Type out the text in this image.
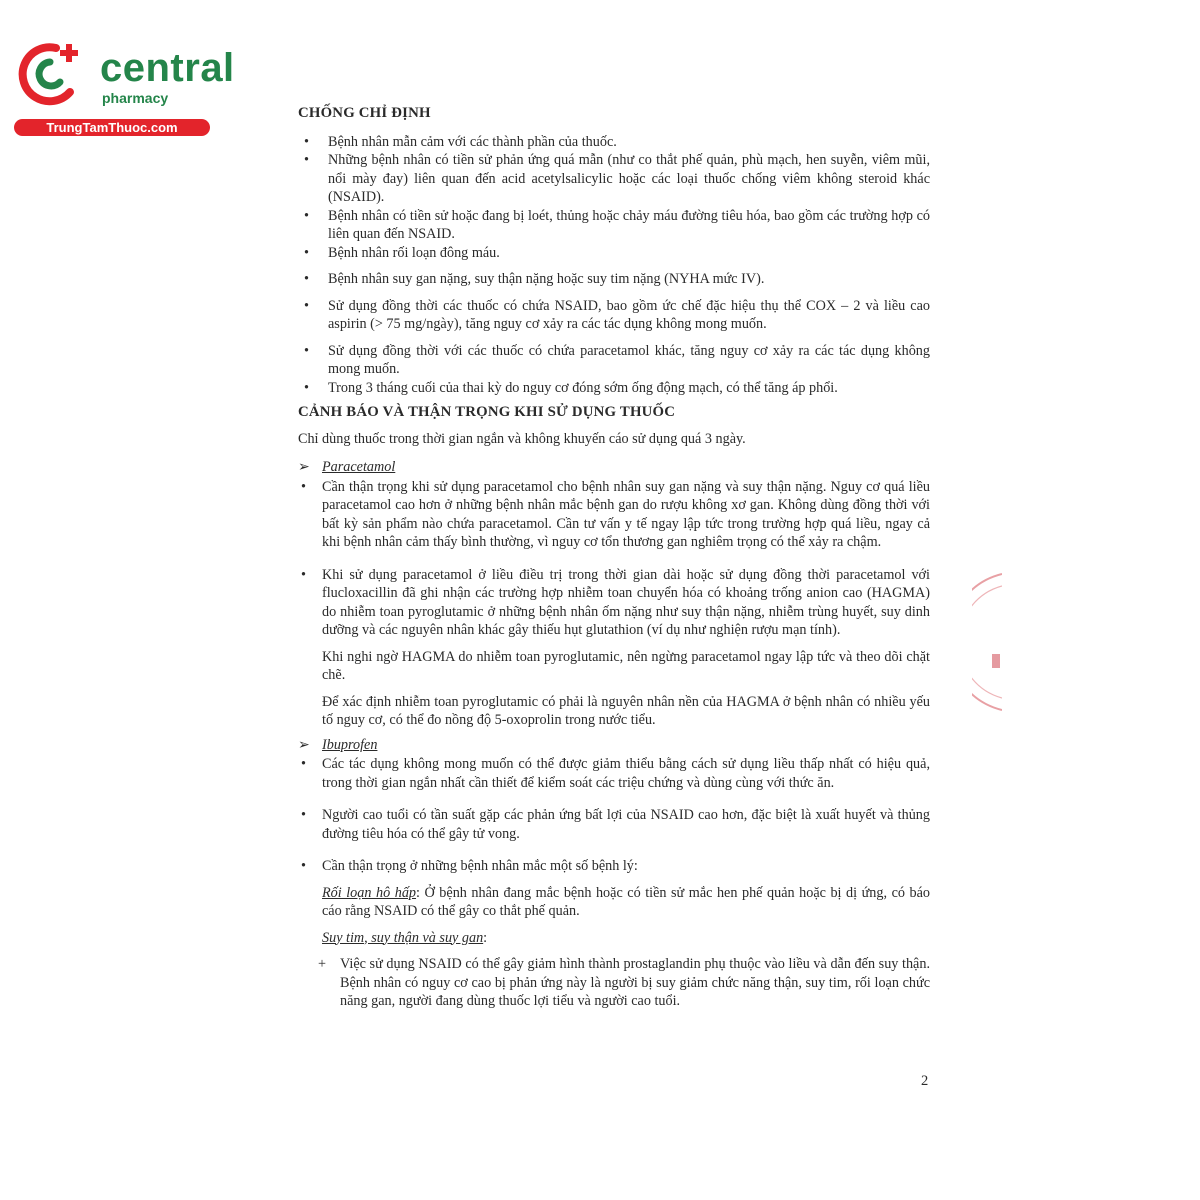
central
pharmacy
TrungTamThuoc.com
CHỐNG CHỈ ĐỊNH
• Bệnh nhân mẫn cảm với các thành phần của thuốc.
• Những bệnh nhân có tiền sử phản ứng quá mẫn (như co thắt phế quản, phù mạch, hen suyễn, viêm mũi, nổi mày đay) liên quan đến acid acetylsalicylic hoặc các loại thuốc chống viêm không steroid khác (NSAID).
• Bệnh nhân có tiền sử hoặc đang bị loét, thủng hoặc chảy máu đường tiêu hóa, bao gồm các trường hợp có liên quan đến NSAID.
• Bệnh nhân rối loạn đông máu.
• Bệnh nhân suy gan nặng, suy thận nặng hoặc suy tim nặng (NYHA mức IV).
• Sử dụng đồng thời các thuốc có chứa NSAID, bao gồm ức chế đặc hiệu thụ thể COX – 2 và liều cao aspirin (> 75 mg/ngày), tăng nguy cơ xảy ra các tác dụng không mong muốn.
• Sử dụng đồng thời với các thuốc có chứa paracetamol khác, tăng nguy cơ xảy ra các tác dụng không mong muốn.
• Trong 3 tháng cuối của thai kỳ do nguy cơ đóng sớm ống động mạch, có thể tăng áp phổi.
CẢNH BÁO VÀ THẬN TRỌNG KHI SỬ DỤNG THUỐC

Chỉ dùng thuốc trong thời gian ngắn và không khuyến cáo sử dụng quá 3 ngày.

➢ Paracetamol
• Cần thận trọng khi sử dụng paracetamol cho bệnh nhân suy gan nặng và suy thận nặng. Nguy cơ quá liều paracetamol cao hơn ở những bệnh nhân mắc bệnh gan do rượu không xơ gan. Không dùng đồng thời với bất kỳ sản phẩm nào chứa paracetamol. Cần tư vấn y tế ngay lập tức trong trường hợp quá liều, ngay cả khi bệnh nhân cảm thấy bình thường, vì nguy cơ tổn thương gan nghiêm trọng có thể xảy ra chậm.
• Khi sử dụng paracetamol ở liều điều trị trong thời gian dài hoặc sử dụng đồng thời paracetamol với flucloxacillin đã ghi nhận các trường hợp nhiễm toan chuyển hóa có khoảng trống anion cao (HAGMA) do nhiễm toan pyroglutamic ở những bệnh nhân ốm nặng như suy thận nặng, nhiễm trùng huyết, suy dinh dưỡng và các nguyên nhân khác gây thiếu hụt glutathion (ví dụ như nghiện rượu mạn tính).

Khi nghi ngờ HAGMA do nhiễm toan pyroglutamic, nên ngừng paracetamol ngay lập tức và theo dõi chặt chẽ.

Để xác định nhiễm toan pyroglutamic có phải là nguyên nhân nền của HAGMA ở bệnh nhân có nhiều yếu tố nguy cơ, có thể đo nồng độ 5-oxoprolin trong nước tiểu.

➢ Ibuprofen
• Các tác dụng không mong muốn có thể được giảm thiểu bằng cách sử dụng liều thấp nhất có hiệu quả, trong thời gian ngắn nhất cần thiết để kiểm soát các triệu chứng và dùng cùng với thức ăn.
• Người cao tuổi có tần suất gặp các phản ứng bất lợi của NSAID cao hơn, đặc biệt là xuất huyết và thủng đường tiêu hóa có thể gây tử vong.
• Cần thận trọng ở những bệnh nhân mắc một số bệnh lý:

Rối loạn hô hấp: Ở bệnh nhân đang mắc bệnh hoặc có tiền sử mắc hen phế quản hoặc bị dị ứng, có báo cáo rằng NSAID có thể gây co thắt phế quản.

Suy tim, suy thận và suy gan:

+ Việc sử dụng NSAID có thể gây giảm hình thành prostaglandin phụ thuộc vào liều và dẫn đến suy thận. Bệnh nhân có nguy cơ cao bị phản ứng này là người bị suy giảm chức năng thận, suy tim, rối loạn chức năng gan, người đang dùng thuốc lợi tiểu và người cao tuổi.
2
